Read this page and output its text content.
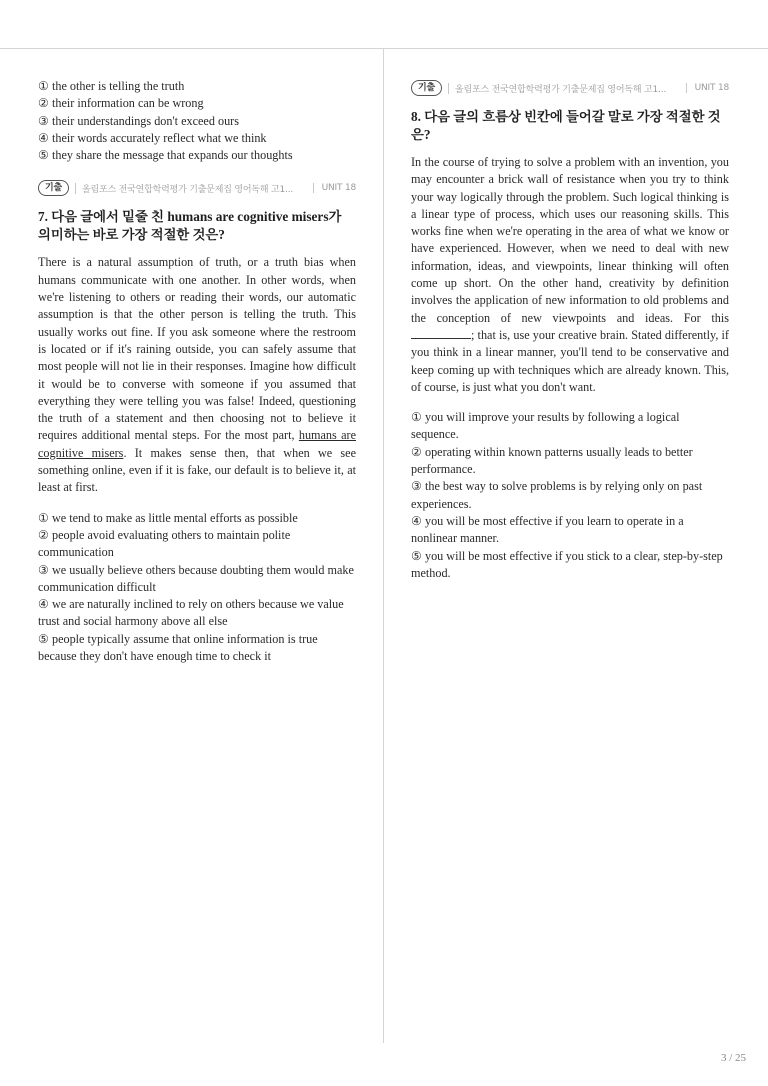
① the other is telling the truth

② their information can be wrong

③ their understandings don't exceed ours

④ their words accurately reflect what we think

⑤ they share the message that expands our thoughts

기출	올림포스 전국연합학력평가 기출문제집 영어독해 고1...	UNIT 18
7. 다음 글에서 밑줄 친 humans are cognitive misers가 의미하는 바로 가장 적절한 것은?

There is a natural assumption of truth, or a truth bias when humans communicate with one another. In other words, when we're listening to others or reading their words, our automatic assumption is that the other person is telling the truth. This usually works out fine. If you ask someone where the restroom is located or if it's raining outside, you can safely assume that most people will not lie in their responses. Imagine how difficult it would be to converse with someone if you assumed that everything they were telling you was false! Indeed, questioning the truth of a statement and then choosing not to believe it requires additional mental steps. For the most part, humans are cognitive misers. It makes sense then, that when we see something online, even if it is fake, our default is to believe it, at least at first.

① we tend to make as little mental efforts as possible

② people avoid evaluating others to maintain polite communication

③ we usually believe others because doubting them would make communication difficult

④ we are naturally inclined to rely on others because we value trust and social harmony above all else

⑤ people typically assume that online information is true because they don't have enough time to check it

기출	올림포스 전국연합학력평가 기출문제집 영어독해 고1...	UNIT 18
8. 다음 글의 흐름상 빈칸에 들어갈 말로 가장 적절한 것은?

In the course of trying to solve a problem with an invention, you may encounter a brick wall of resistance when you try to think your way logically through the problem. Such logical thinking is a linear type of process, which uses our reasoning skills. This works fine when we're operating in the area of what we know or have experienced. However, when we need to deal with new information, ideas, and viewpoints, linear thinking will often come up short. On the other hand, creativity by definition involves the application of new information to old problems and the conception of new viewpoints and ideas. For this ; that is, use your creative brain. Stated differently, if you think in a linear manner, you'll tend to be conservative and keep coming up with techniques which are already known. This, of course, is just what you don't want.

① you will improve your results by following a logical sequence.

② operating within known patterns usually leads to better performance.

③ the best way to solve problems is by relying only on past experiences.

④ you will be most effective if you learn to operate in a nonlinear manner.

⑤ you will be most effective if you stick to a clear, step-by-step method.

3 / 25
